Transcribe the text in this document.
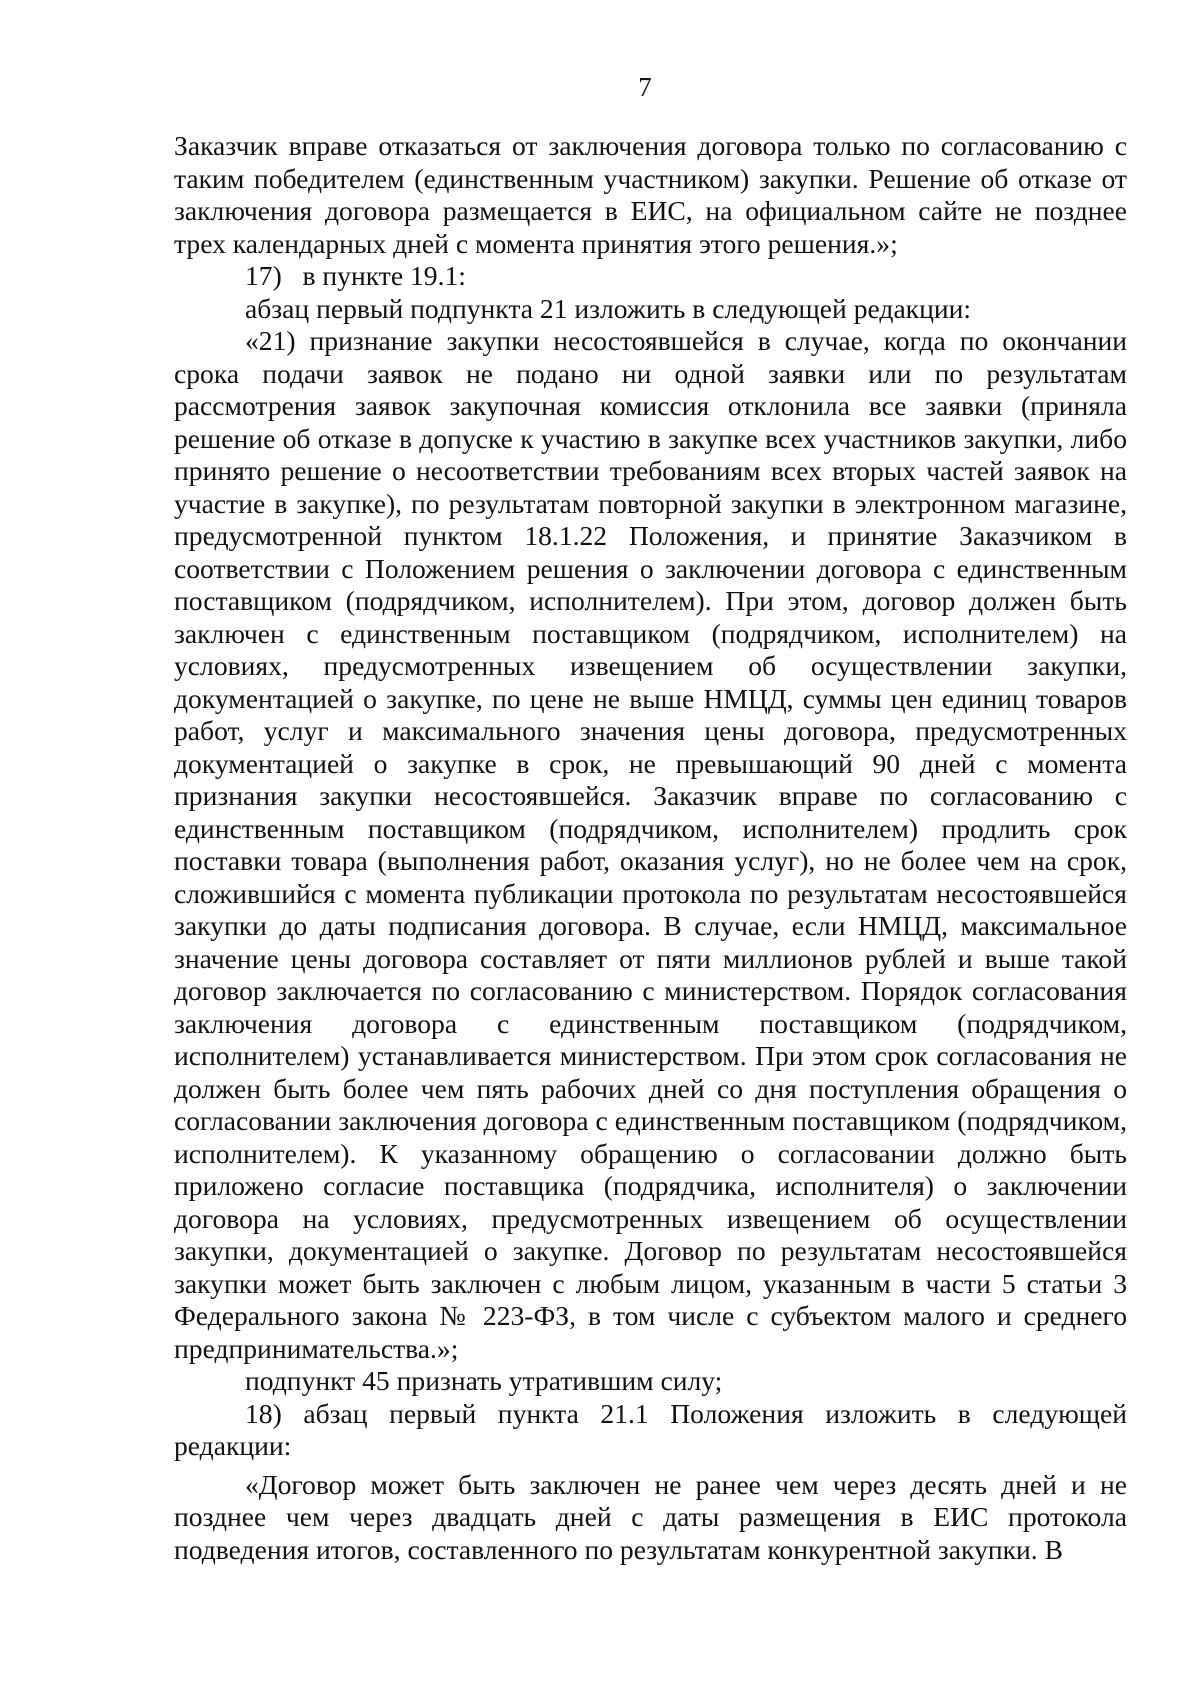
7

Заказчик вправе отказаться от заключения договора только по согласованию с таким победителем (единственным участником) закупки. Решение об отказе от заключения договора размещается в ЕИС, на официальном сайте не позднее трех календарных дней с момента принятия этого решения.»;

17)   в пункте 19.1:

абзац первый подпункта 21 изложить в следующей редакции:

«21) признание закупки несостоявшейся в случае, когда по окончании срока подачи заявок не подано ни одной заявки или по результатам рассмотрения заявок закупочная комиссия отклонила все заявки (приняла решение об отказе в допуске к участию в закупке всех участников закупки, либо принято решение о несоответствии требованиям всех вторых частей заявок на участие в закупке), по результатам повторной закупки в электронном магазине, предусмотренной пунктом 18.1.22 Положения, и принятие Заказчиком в соответствии с Положением решения о заключении договора с единственным поставщиком (подрядчиком, исполнителем). При этом, договор должен быть заключен с единственным поставщиком (подрядчиком, исполнителем) на условиях, предусмотренных извещением об осуществлении закупки, документацией о закупке, по цене не выше НМЦД, суммы цен единиц товаров работ, услуг и максимального значения цены договора, предусмотренных документацией о закупке в срок, не превышающий 90 дней с момента признания закупки несостоявшейся. Заказчик вправе по согласованию с единственным поставщиком (подрядчиком, исполнителем) продлить срок поставки товара (выполнения работ, оказания услуг), но не более чем на срок, сложившийся с момента публикации протокола по результатам несостоявшейся закупки до даты подписания договора. В случае, если НМЦД, максимальное значение цены договора составляет от пяти миллионов рублей и выше такой договор заключается по согласованию с министерством. Порядок согласования заключения договора с единственным поставщиком (подрядчиком, исполнителем) устанавливается министерством. При этом срок согласования не должен быть более чем пять рабочих дней со дня поступления обращения о согласовании заключения договора с единственным поставщиком (подрядчиком, исполнителем). К указанному обращению о согласовании должно быть приложено согласие поставщика (подрядчика, исполнителя) о заключении договора на условиях, предусмотренных извещением об осуществлении закупки, документацией о закупке. Договор по результатам несостоявшейся закупки может быть заключен с любым лицом, указанным в части 5 статьи 3 Федерального закона № 223-ФЗ, в том числе с субъектом малого и среднего предпринимательства.»;

подпункт 45 признать утратившим силу;

18) абзац первый пункта 21.1 Положения изложить в следующей редакции:

«Договор может быть заключен не ранее чем через десять дней и не позднее чем через двадцать дней с даты размещения в ЕИС протокола подведения итогов, составленного по результатам конкурентной закупки. В
